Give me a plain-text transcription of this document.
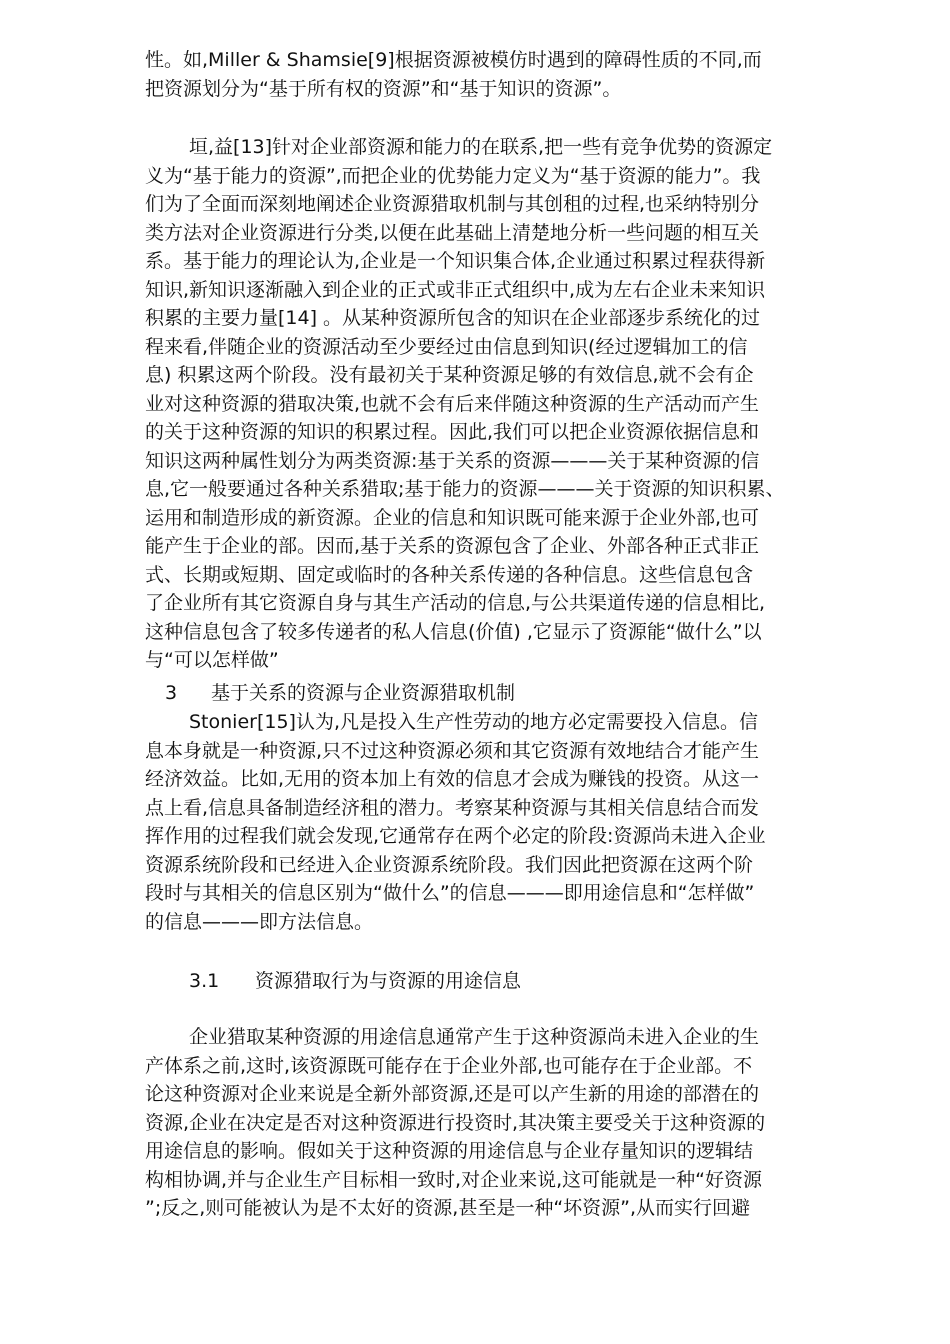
性。如,Miller & Shamsie[9]根据资源被模仿时遇到的障碍性质的不同,而
把资源划分为“基于所有权的资源”和“基于知识的资源”。
垣,益[13]针对企业部资源和能力的在联系,把一些有竞争优势的资源定
义为“基于能力的资源”,而把企业的优势能力定义为“基于资源的能力”。我
们为了全面而深刻地阐述企业资源猎取机制与其创租的过程,也采纳特别分
类方法对企业资源进行分类,以便在此基础上清楚地分析一些问题的相互关
系。基于能力的理论认为,企业是一个知识集合体,企业通过积累过程获得新
知识,新知识逐渐融入到企业的正式或非正式组织中,成为左右企业未来知识
积累的主要力量[14] 。从某种资源所包含的知识在企业部逐步系统化的过
程来看,伴随企业的资源活动至少要经过由信息到知识(经过逻辑加工的信
息) 积累这两个阶段。没有最初关于某种资源足够的有效信息,就不会有企
业对这种资源的猎取决策,也就不会有后来伴随这种资源的生产活动而产生
的关于这种资源的知识的积累过程。因此,我们可以把企业资源依据信息和
知识这两种属性划分为两类资源:基于关系的资源———关于某种资源的信
息,它一般要通过各种关系猎取;基于能力的资源———关于资源的知识积累、
运用和制造形成的新资源。企业的信息和知识既可能来源于企业外部,也可
能产生于企业的部。因而,基于关系的资源包含了企业、外部各种正式非正
式、长期或短期、固定或临时的各种关系传递的各种信息。这些信息包含
了企业所有其它资源自身与其生产活动的信息,与公共渠道传递的信息相比,
这种信息包含了较多传递者的私人信息(价值) ,它显示了资源能“做什么”以
与“可以怎样做”
3 基于关系的资源与企业资源猎取机制
Stonier[15]认为,凡是投入生产性劳动的地方必定需要投入信息。信
息本身就是一种资源,只不过这种资源必须和其它资源有效地结合才能产生
经济效益。比如,无用的资本加上有效的信息才会成为赚钱的投资。从这一
点上看,信息具备制造经济租的潜力。考察某种资源与其相关信息结合而发
挥作用的过程我们就会发现,它通常存在两个必定的阶段:资源尚未进入企业
资源系统阶段和已经进入企业资源系统阶段。我们因此把资源在这两个阶
段时与其相关的信息区别为“做什么”的信息———即用途信息和“怎样做”
的信息———即方法信息。
3.1 资源猎取行为与资源的用途信息
企业猎取某种资源的用途信息通常产生于这种资源尚未进入企业的生
产体系之前,这时,该资源既可能存在于企业外部,也可能存在于企业部。不
论这种资源对企业来说是全新外部资源,还是可以产生新的用途的部潜在的
资源,企业在决定是否对这种资源进行投资时,其决策主要受关于这种资源的
用途信息的影响。假如关于这种资源的用途信息与企业存量知识的逻辑结
构相协调,并与企业生产目标相一致时,对企业来说,这可能就是一种“好资源
”;反之,则可能被认为是不太好的资源,甚至是一种“坏资源”,从而实行回避
